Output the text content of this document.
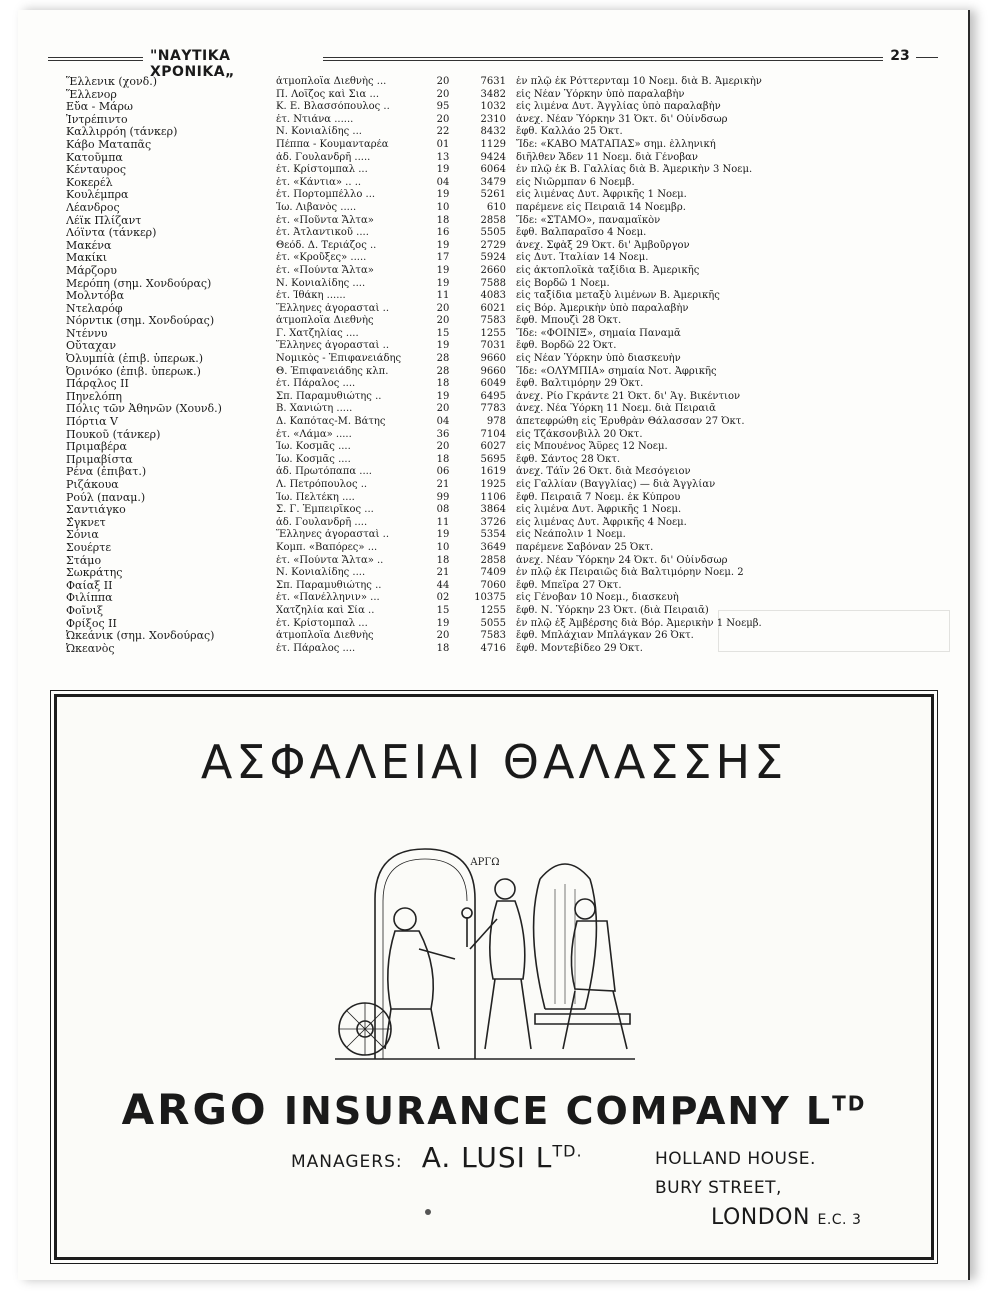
"ΝΑΥΤΙΚΑ ΧΡΟΝΙΚΑ„
23
Ἕλλενικ (χονδ.)	ἀτμοπλοΐα Διεθνὴς ...	20	7631 ἐν πλῷ ἐκ Ρόττερνταμ 10 Νοεμ. διὰ Β. Ἀμερικὴν
Ἕλλενορ	Π. Λοΐζος καὶ Σια ...	20	3482 εἰς Νέαν Ὑόρκην ὑπὸ παραλαβὴν
Εὔα - Μάρω	Κ. Ε. Βλασσόπουλος ..	95	1032 εἰς λιμένα Δυτ. Ἀγγλίας ὑπὸ παραλαβὴν
Ἰντρέπιντο	ἐτ. Ντιάνα ......	20	2310 ἀνεχ. Νέαν Ὑόρκην 31 Ὀκτ. δι' Οὐίνδσωρ
Καλλιρρόη (τάνκερ)	Ν. Κονιαλίδης ...	22	8432 ἔφθ. Καλλάο 25 Ὀκτ.
Κάβο Ματαπᾶς	Πέππα - Κουμανταρέα	01	1129 Ἴδε: «ΚΑΒΟ ΜΑΤΑΠΑΣ» σημ. ἑλληνική
Κατοῦμπα	ἀδ. Γουλανδρῆ .....	13	9424 διῆλθεν Ἄδεν 11 Νοεμ. διὰ Γένοβαν
Κένταυρος	ἐτ. Κρίστομπαλ ...	19	6064 ἐν πλῷ ἐκ Β. Γαλλίας διὰ Β. Ἀμερικὴν 3 Νοεμ.
Κοκερέλ	ἐτ. «Κάντια» .. ..	04	3479 εἰς Νιῶρμπαν 6 Νοεμβ.
Κουλέμπρα	ἐτ. Πορτομπέλλο ...	19	5261 εἰς λιμένας Δυτ. Ἀφρικῆς 1 Νοεμ.
Λέανδρος	Ἰω. Λιβανὸς .....	10	610 παρέμενε εἰς Πειραιᾶ 14 Νοεμβρ.
Λέϊκ Πλίζαντ	ἐτ. «Ποῦντα Ἄλτα»	18	2858 Ἴδε: «ΣΤΑΜΟ», παναμαϊκὸν
Λόϊντα (τάνκερ)	ἐτ. Ἀτλαντικοῦ ....	16	5505 ἔφθ. Βαλπαραῖσο 4 Νοεμ.
Μακένα	Θεόδ. Δ. Τεριάζος ..	19	2729 ἀνεχ. Σφὰξ 29 Ὀκτ. δι' Ἀμβοῦργον
Μακίκι	ἐτ. «Κροῦξες» .....	17	5924 εἰς Δυτ. Ἰταλίαν 14 Νοεμ.
Μάρζορυ	ἐτ. «Πούντα Ἄλτα»	19	2660 εἰς ἀκτοπλοϊκὰ ταξίδια Β. Ἀμερικῆς
Μερόπη (σημ. Χονδούρας)	Ν. Κονιαλίδης ....	19	7588 εἰς Βορδῶ 1 Νοεμ.
Μολντόβα	ἐτ. Ἰθάκη ......	11	4083 εἰς ταξίδια μεταξὺ λιμένων Β. Ἀμερικῆς
Ντελαρόφ	Ἕλληνες ἀγορασταὶ ..	20	6021 εἰς Βόρ. Ἀμερικὴν ὑπὸ παραλαβὴν
Νόρντικ (σημ. Χονδούρας)	ἀτμοπλοΐα Διεθνὴς	20	7583 ἔφθ. Μπουζὶ 28 Ὀκτ.
Ντέννυ	Γ. Χατζηλίας ....	15	1255 Ἴδε: «ΦΟΙΝΙΞ», σημαία Παναμᾶ
Οὔταχαν	Ἕλληνες ἀγορασταὶ ..	19	7031 ἔφθ. Βορδῶ 22 Ὀκτ.
Ὀλυμπίὰ (ἐπιβ. ὑπερωκ.)	Νομικὸς - Ἐπιφανειάδης	28	9660 εἰς Νέαν Ὑόρκην ὑπὸ διασκευὴν
Ὀρινόκο (ἐπιβ. ὑπερωκ.)	Θ. Ἐπιφανειάδης κλπ.	28	9660 Ἴδε: «ΟΛΥΜΠΙΑ» σημαία Νοτ. Ἀφρικῆς
Πάρα̨λος II	ἐτ. Πάραλος ....	18	6049 ἔφθ. Βαλτιμόρην 29 Ὀκτ.
Πηνελόπη	Σπ. Παραμυθιώτης ..	19	6495 ἀνεχ. Ρίο Γκράντε 21 Ὀκτ. δι' Ἁγ. Βικέντιον
Πόλις τῶν Ἀθηνῶν (Χουνδ.)	Β. Χανιώτη .....	20	7783 ἀνεχ. Νέα Ὑόρκη 11 Νοεμ. διὰ Πειραιᾶ
Πόρτια V	Δ. Καπότας-Μ. Βάτης	04	978 ἀπετεφρώθη εἰς Ἐρυθρὰν Θάλασσαν 27 Ὀκτ.
Πουκοῦ (τάνκερ)	ἐτ. «Λάμα» .....	36	7104 εἰς Τζάκσονβιλλ 20 Ὀκτ.
Πριμαβέρα	Ἰω. Κοσμᾶς ....	20	6027 εἰς Μπουένος Ἄϋρες 12 Νοεμ.
Πριμαβίστα	Ἰω. Κοσμᾶς ....	18	5695 ἔφθ. Σάντος 28 Ὀκτ.
Ρένα (ἐπιβατ.)	ἀδ. Πρωτόπαπα ....	06	1619 ἀνεχ. Τάϊν 26 Ὀκτ. διὰ Μεσόγειον
Ριζάκουα	Λ. Πετρόπουλος ..	21	1925 εἰς Γαλλίαν (Βαγγλίας) — διὰ Ἀγγλίαν
Ρούλ (παναμ.)	Ἰω. Πελτέκη ....	99	1106 ἔφθ. Πειραιᾶ 7 Νοεμ. ἐκ Κύπρου
Σαντιάγκο	Σ. Γ. Ἐμπειρῖκος ...	08	3864 εἰς λιμένα Δυτ. Ἀφρικῆς 1 Νοεμ.
Σ̓γκνετ	ἀδ. Γουλανδρῆ ....	11	3726 εἰς λιμένας Δυτ. Ἀφρικῆς 4 Νοεμ.
Σόνια	Ἕλληνες ἀγορασταὶ ..	19	5354 εἰς Νεάπολιν 1 Νοεμ.
Σουέρτε	Κομπ. «Βαπόρες» ...	10	3649 παρέμενε Σαβόναν 25 Ὀκτ.
Στάμο	ἐτ. «Πούντα Ἄλτα» ..	18	2858 ἀνεχ. Νέαν Ὑόρκην 24 Ὀκτ. δι' Οὐίνδσωρ
Σωκράτης	Ν. Κονιαλίδης ....	21	7409 ἐν πλῷ ἐκ Πειραιῶς διὰ Βαλτιμόρην Νοεμ. 2
Φαίαξ II	Σπ. Παραμυθιώτης ..	44	7060 ἔφθ. Μπεΐρα 27 Ὀκτ.
Φιλίππα	ἐτ. «Πανέλληνιν» ...	02	10375 εἰς Γένοβαν 10 Νοεμ., διασκευὴ
Φοῖνιξ	Χατζηλία καὶ Σία ..	15	1255 ἔφθ. Ν. Ὑόρκην 23 Ὀκτ. (διὰ Πειραιᾶ)
Φρίξος II	ἐτ. Κρίστομπαλ ...	19	5055 ἐν πλῷ ἐξ Ἀμβέρσης διὰ Βόρ. Ἀμερικὴν 1 Νοεμβ.
Ὠκεάνικ (σημ. Χονδούρας)	ἀτμοπλοΐα Διεθνὴς	20	7583 ἔφθ. Μπλάχιαν Μπλάγκαν 26 Ὀκτ.
Ὠκεανὸς	ἐτ. Πάραλος ....	18	4716 ἔφθ. Μοντεβίδεο 29 Ὀκτ.
ΑΣΦΑΛΕΙΑΙ ΘΑΛΑΣΣΗΣ
ΑΡΓΩ
ARGO INSURANCE COMPANY $L^{TD}$
MANAGERS: A. LUSI $L^{TD.}$	HOLLAND HOUSE.
BURY STREET,
LONDON E.C. 3
